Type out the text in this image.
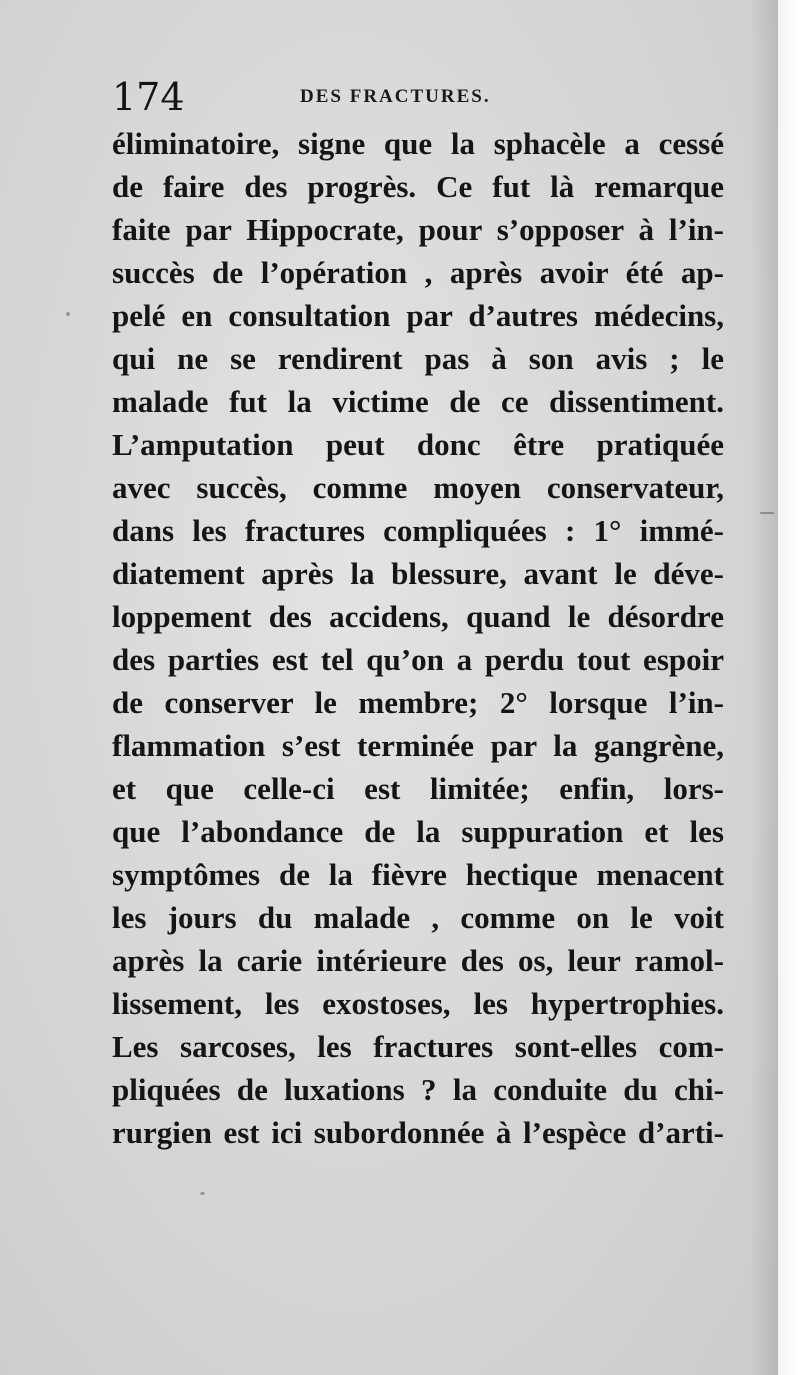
174	DES FRACTURES.
éliminatoire, signe que la sphacèle a cessé
de faire des progrès. Ce fut là remarque
faite par Hippocrate, pour s’opposer à l’in-
succès de l’opération , après avoir été ap-
pelé en consultation par d’autres médecins,
qui ne se rendirent pas à son avis ; le
malade fut la victime de ce dissentiment.
L’amputation peut donc être pratiquée
avec succès, comme moyen conservateur,
dans les fractures compliquées : 1° immé-
diatement après la blessure, avant le déve-
loppement des accidens, quand le désordre
des parties est tel qu’on a perdu tout espoir
de conserver le membre; 2° lorsque l’in-
flammation s’est terminée par la gangrène,
et que celle-ci est limitée; enfin, lors-
que l’abondance de la suppuration et les
symptômes de la fièvre hectique menacent
les jours du malade , comme on le voit
après la carie intérieure des os, leur ramol-
lissement, les exostoses, les hypertrophies.
Les sarcoses, les fractures sont-elles com-
pliquées de luxations ? la conduite du chi-
rurgien est ici subordonnée à l’espèce d’arti-
